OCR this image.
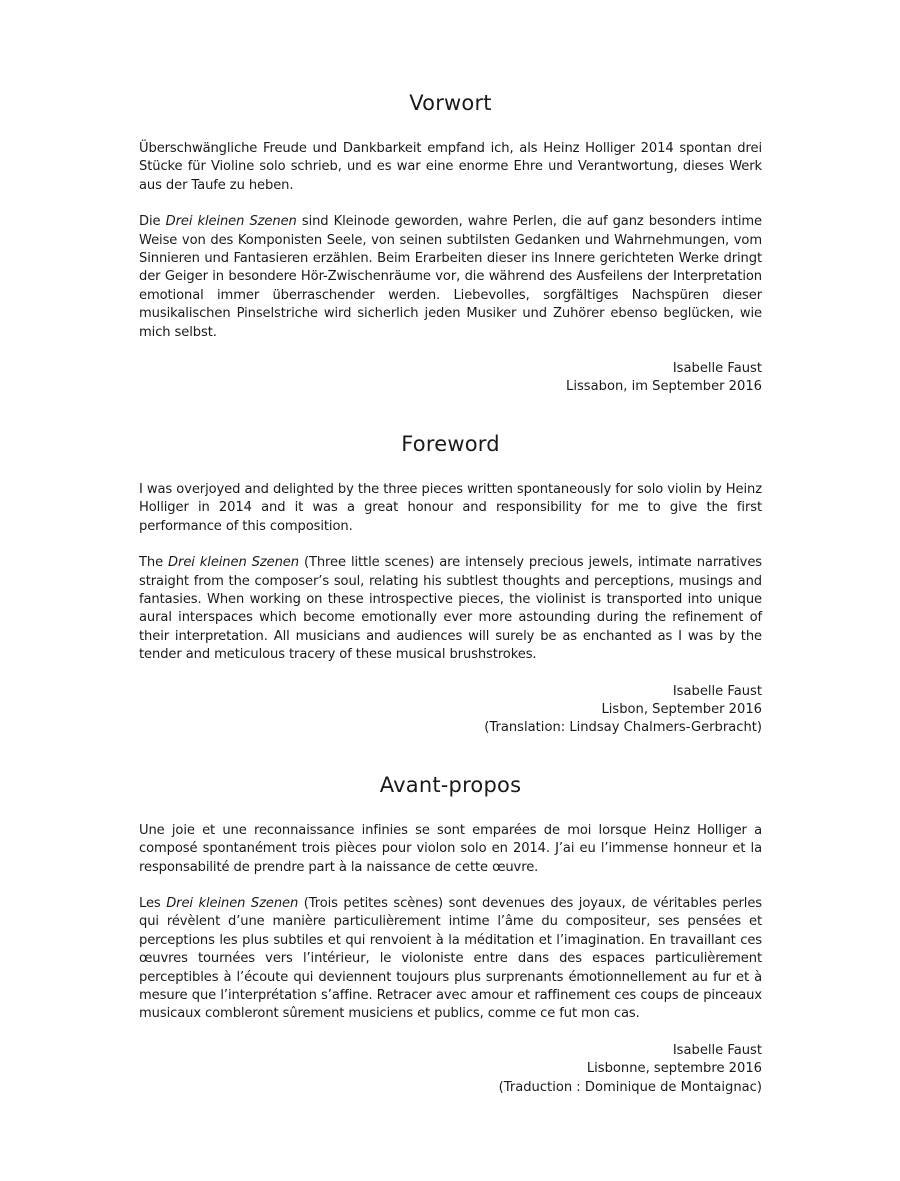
Vorwort

Überschwängliche Freude und Dankbarkeit empfand ich, als Heinz Holliger 2014 spontan drei Stücke für Violine solo schrieb, und es war eine enorme Ehre und Verantwortung, dieses Werk aus der Taufe zu heben.

Die Drei kleinen Szenen sind Kleinode geworden, wahre Perlen, die auf ganz besonders intime Weise von des Komponisten Seele, von seinen subtilsten Gedanken und Wahrnehmungen, vom Sinnieren und Fantasieren erzählen. Beim Erarbeiten dieser ins Innere gerichteten Werke dringt der Geiger in besondere Hör-Zwischenräume vor, die während des Ausfeilens der Interpretation emotional immer überraschender werden. Liebevolles, sorgfältiges Nachspüren dieser musikalischen Pinselstriche wird sicherlich jeden Musiker und Zuhörer ebenso beglücken, wie mich selbst.

Isabelle Faust
Lissabon, im September 2016
Foreword

I was overjoyed and delighted by the three pieces written spontaneously for solo violin by Heinz Holliger in 2014 and it was a great honour and responsibility for me to give the first performance of this composition.

The Drei kleinen Szenen (Three little scenes) are intensely precious jewels, intimate narratives straight from the composer’s soul, relating his subtlest thoughts and perceptions, musings and fantasies. When working on these introspective pieces, the violinist is transported into unique aural interspaces which become emotionally ever more astounding during the refinement of their interpretation. All musicians and audiences will surely be as enchanted as I was by the tender and meticulous tracery of these musical brushstrokes.

Isabelle Faust
Lisbon, September 2016
(Translation: Lindsay Chalmers-Gerbracht)
Avant-propos

Une joie et une reconnaissance infinies se sont emparées de moi lorsque Heinz Holliger a composé spontanément trois pièces pour violon solo en 2014. J’ai eu l’immense honneur et la responsabilité de prendre part à la naissance de cette œuvre.

Les Drei kleinen Szenen (Trois petites scènes) sont devenues des joyaux, de véritables perles qui révèlent d’une manière particulièrement intime l’âme du compositeur, ses pensées et perceptions les plus subtiles et qui renvoient à la méditation et l’imagination. En travaillant ces œuvres tournées vers l’intérieur, le violoniste entre dans des espaces particulièrement perceptibles à l’écoute qui deviennent toujours plus surprenants émotionnellement au fur et à mesure que l’interprétation s’affine. Retracer avec amour et raffinement ces coups de pinceaux musicaux combleront sûrement musiciens et publics, comme ce fut mon cas.

Isabelle Faust
Lisbonne, septembre 2016
(Traduction : Dominique de Montaignac)
